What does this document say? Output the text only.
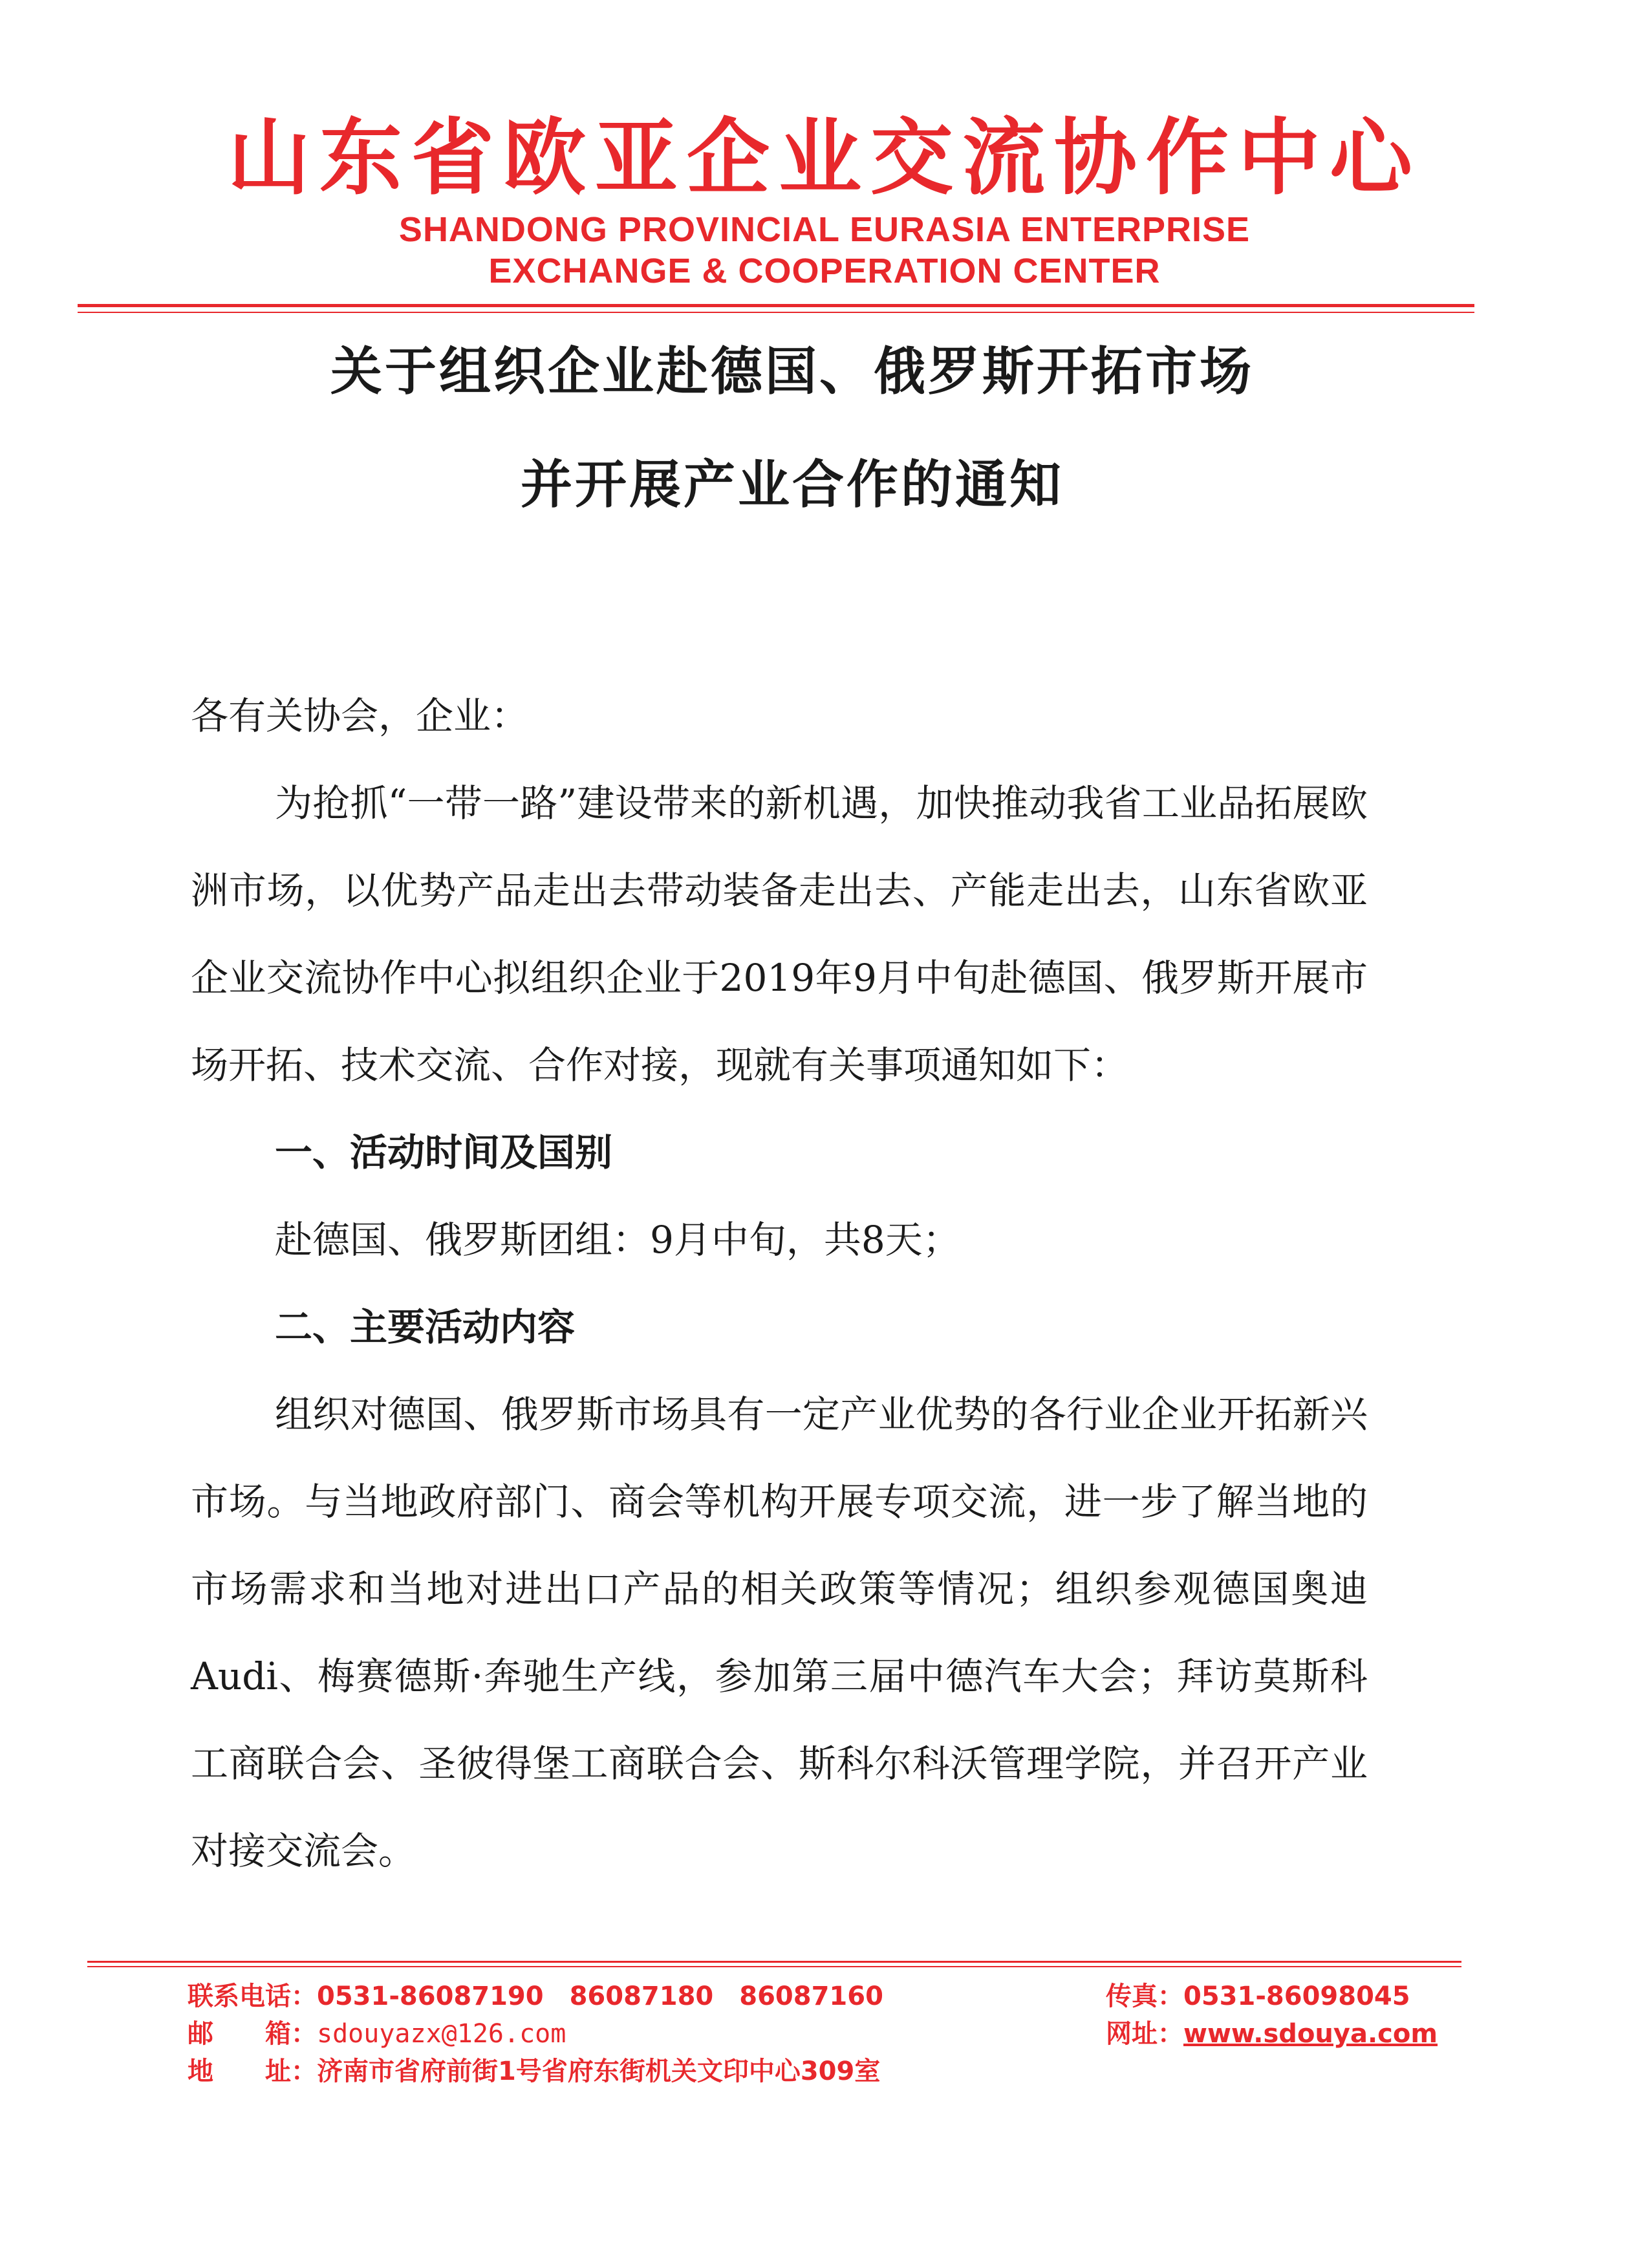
山东省欧亚企业交流协作中心
SHANDONG PROVINCIAL EURASIA ENTERPRISE
EXCHANGE & COOPERATION CENTER
关于组织企业赴德国、俄罗斯开拓市场
并开展产业合作的通知

各有关协会，企业：

为抢抓“一带一路”建设带来的新机遇，加快推动我省工业品拓展欧洲市场，以优势产品走出去带动装备走出去、产能走出去，山东省欧亚企业交流协作中心拟组织企业于2019年9月中旬赴德国、俄罗斯开展市场开拓、技术交流、合作对接，现就有关事项通知如下：

一、活动时间及国别

赴德国、俄罗斯团组：9月中旬，共8天；

二、主要活动内容

组织对德国、俄罗斯市场具有一定产业优势的各行业企业开拓新兴市场。与当地政府部门、商会等机构开展专项交流，进一步了解当地的市场需求和当地对进出口产品的相关政策等情况；组织参观德国奥迪Audi、梅赛德斯·奔驰生产线，参加第三届中德汽车大会；拜访莫斯科工商联合会、圣彼得堡工商联合会、斯科尔科沃管理学院，并召开产业对接交流会。

联系电话：0531-86087190　86087180　86087160	传真：0531-86098045
邮　　箱：sdouyazx@126.com	网址：www.sdouya.com
地　　址：济南市省府前街1号省府东街机关文印中心309室
